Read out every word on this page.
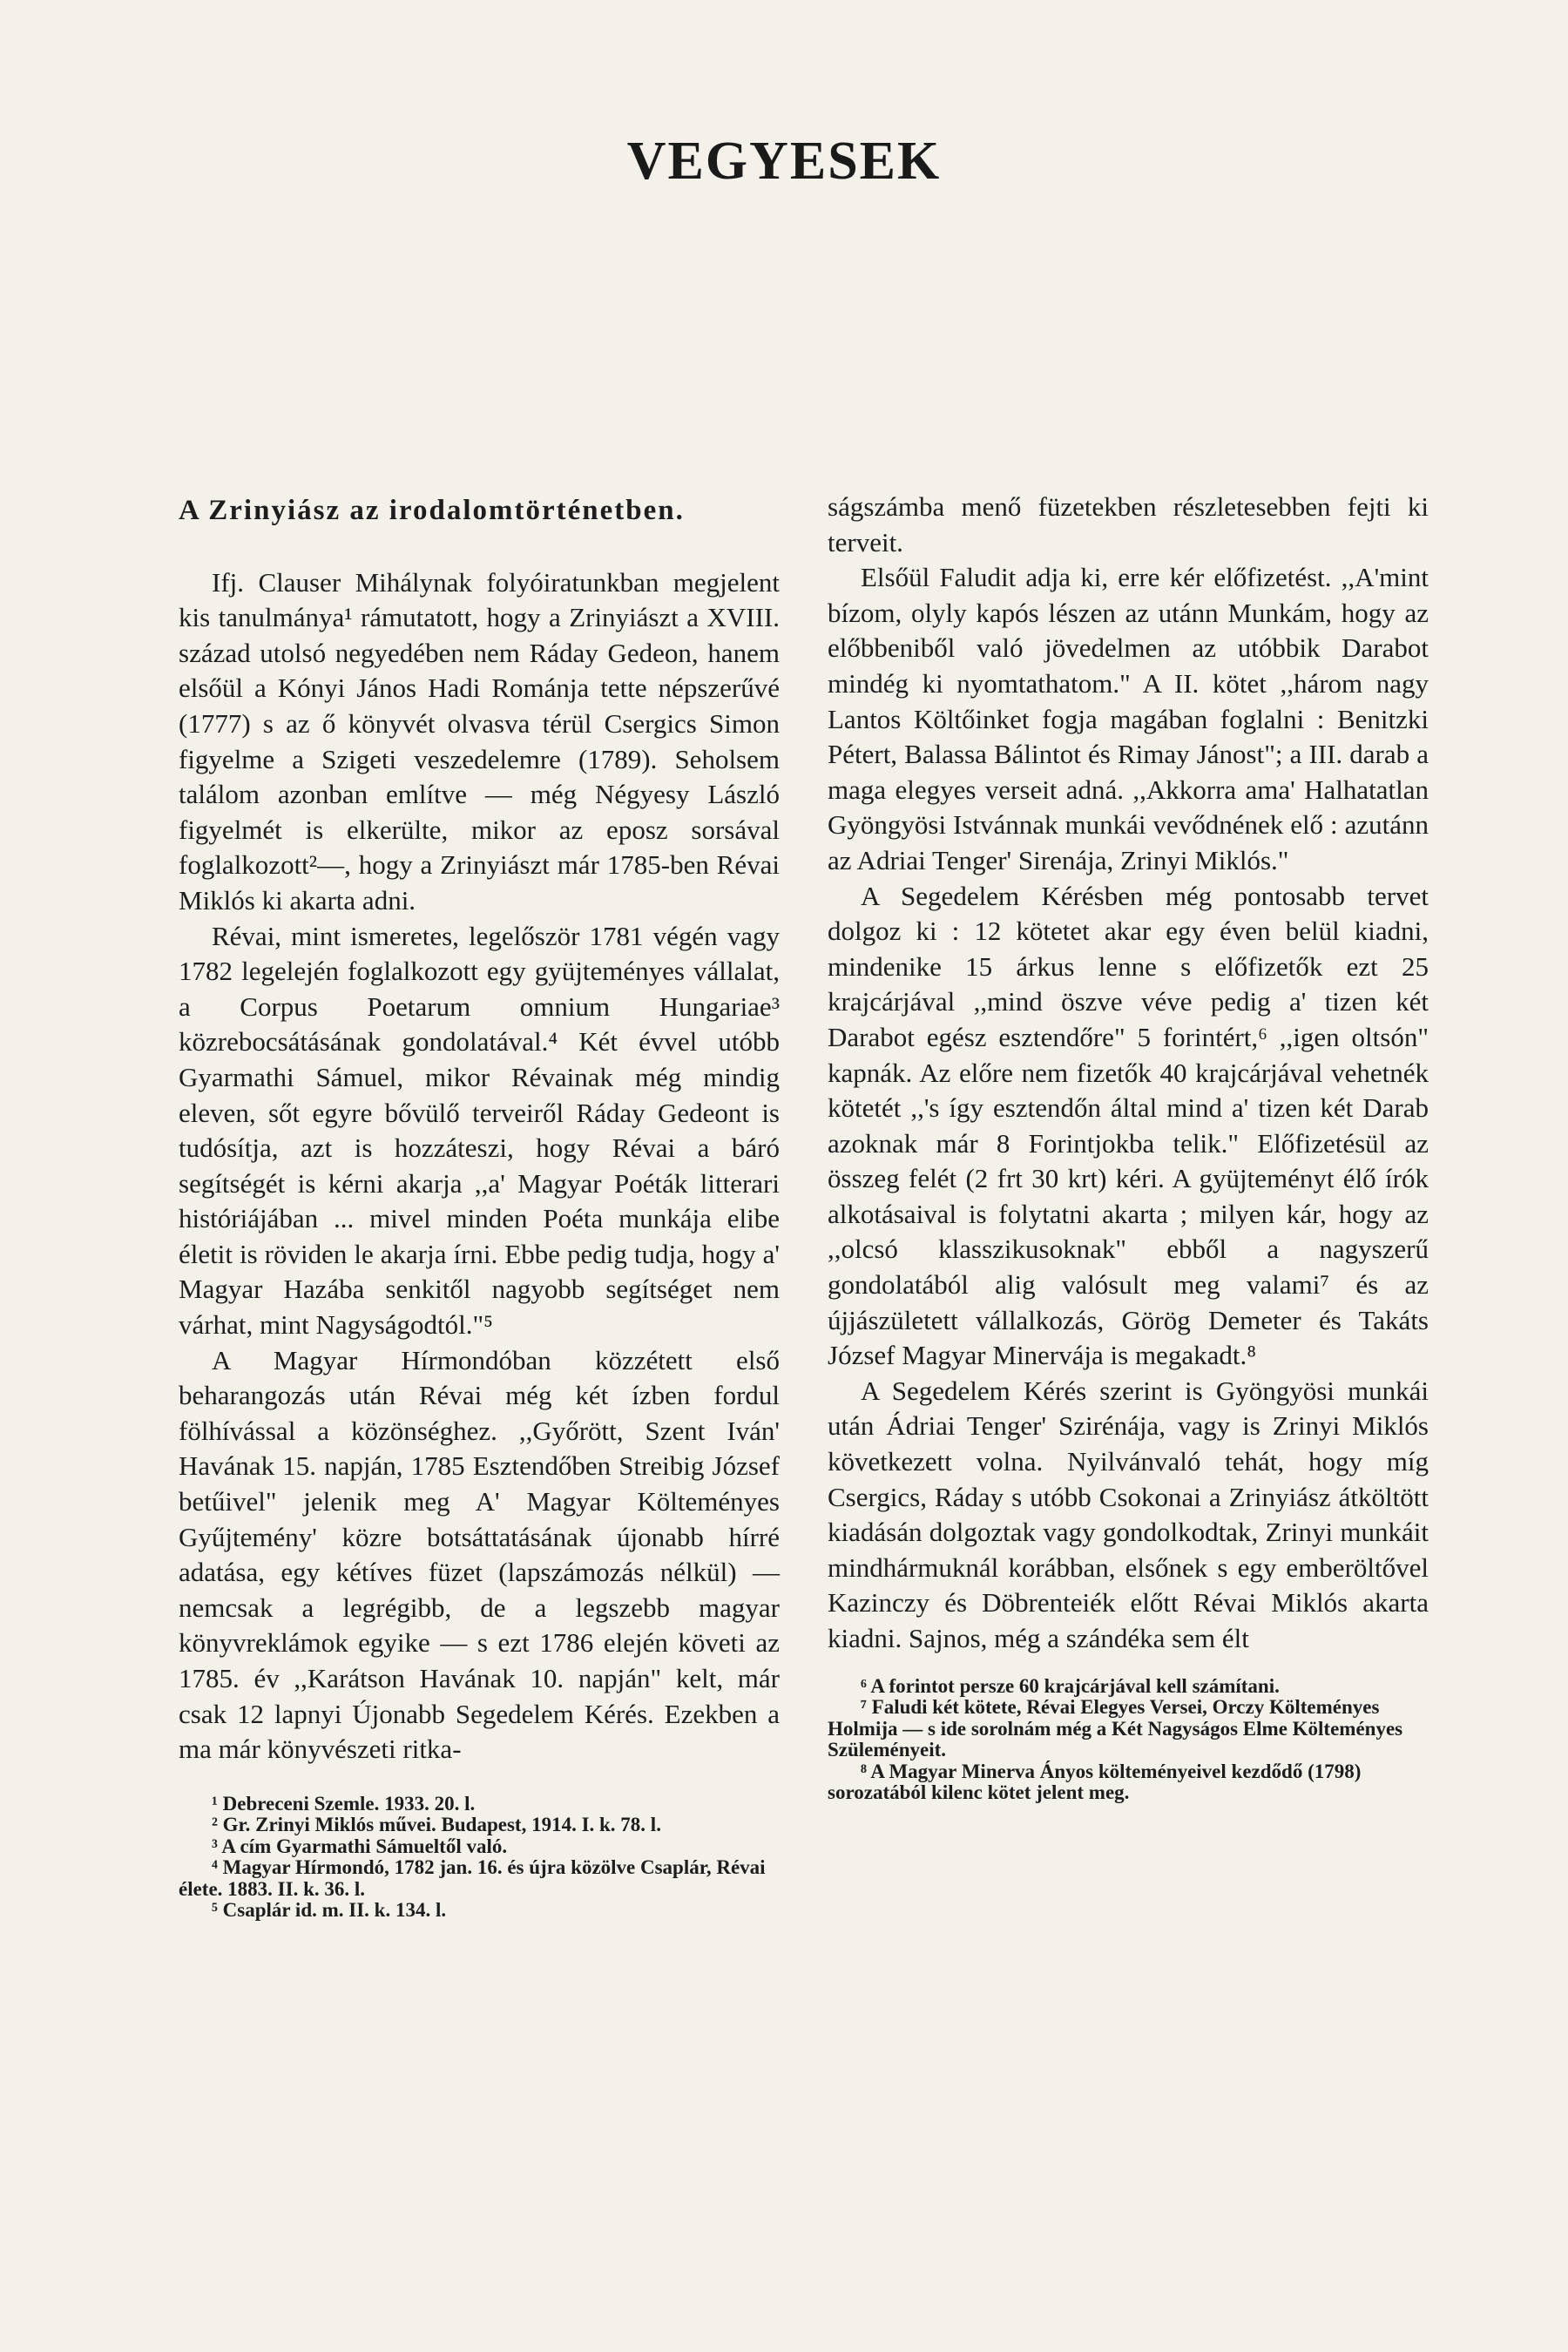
VEGYESEK
A Zrinyiász az irodalomtörténetben.

Ifj. Clauser Mihálynak folyóiratunkban megjelent kis tanulmánya¹ rámutatott, hogy a Zrinyiászt a XVIII. század utolsó negyedében nem Ráday Gedeon, hanem elsőül a Kónyi János Hadi Románja tette népszerűvé (1777) s az ő könyvét olvasva térül Csergics Simon figyelme a Szigeti veszedelemre (1789). Seholsem találom azonban említve — még Négyesy László figyelmét is elkerülte, mikor az eposz sorsával foglalkozott²—, hogy a Zrinyiászt már 1785-ben Révai Miklós ki akarta adni.

Révai, mint ismeretes, legelőször 1781 végén vagy 1782 legelején foglalkozott egy gyüjteményes vállalat, a Corpus Poetarum omnium Hungariae³ közrebocsátásának gondolatával.⁴ Két évvel utóbb Gyarmathi Sámuel, mikor Révainak még mindig eleven, sőt egyre bővülő terveiről Ráday Gedeont is tudósítja, azt is hozzáteszi, hogy Révai a báró segítségét is kérni akarja ,,a' Magyar Poéták litterari históriájában ... mivel minden Poéta munkája elibe életit is röviden le akarja írni. Ebbe pedig tudja, hogy a' Magyar Hazába senkitől nagyobb segítséget nem várhat, mint Nagyságodtól."⁵

A Magyar Hírmondóban közzétett első beharangozás után Révai még két ízben fordul fölhívással a közönséghez. ,,Győrött, Szent Iván' Havának 15. napján, 1785 Esztendőben Streibig József betűivel" jelenik meg A' Magyar Költeményes Gyűjtemény' közre botsáttatásának újonabb hírré adatása, egy kétíves füzet (lapszámozás nélkül) — nemcsak a legrégibb, de a legszebb magyar könyvreklámok egyike — s ezt 1786 elején követi az 1785. év ,,Karátson Havának 10. napján" kelt, már csak 12 lapnyi Újonabb Segedelem Kérés. Ezekben a ma már könyvészeti ritka-

¹ Debreceni Szemle. 1933. 20. l.

² Gr. Zrinyi Miklós művei. Budapest, 1914. I. k. 78. l.

³ A cím Gyarmathi Sámueltől való.

⁴ Magyar Hírmondó, 1782 jan. 16. és újra közölve Csaplár, Révai élete. 1883. II. k. 36. l.

⁵ Csaplár id. m. II. k. 134. l.

ságszámba menő füzetekben részletesebben fejti ki terveit.

Elsőül Faludit adja ki, erre kér előfizetést. ,,A'mint bízom, olyly kapós lészen az utánn Munkám, hogy az előbbeniből való jövedelmen az utóbbik Darabot mindég ki nyomtathatom." A II. kötet ,,három nagy Lantos Költőinket fogja magában foglalni : Benitzki Pétert, Balassa Bálintot és Rimay Jánost"; a III. darab a maga elegyes verseit adná. ,,Akkorra ama' Halhatatlan Gyöngyösi Istvánnak munkái vevődnének elő : azutánn az Adriai Tenger' Sirenája, Zrinyi Miklós."

A Segedelem Kérésben még pontosabb tervet dolgoz ki : 12 kötetet akar egy éven belül kiadni, mindenike 15 árkus lenne s előfizetők ezt 25 krajcárjával ,,mind öszve véve pedig a' tizen két Darabot egész esztendőre" 5 forintért,⁶ ,,igen oltsón" kapnák. Az előre nem fizetők 40 krajcárjával vehetnék kötetét ,,'s így esztendőn által mind a' tizen két Darab azoknak már 8 Forintjokba telik." Előfizetésül az összeg felét (2 frt 30 krt) kéri. A gyüjteményt élő írók alkotásaival is folytatni akarta ; milyen kár, hogy az ,,olcsó klasszikusoknak" ebből a nagyszerű gondolatából alig valósult meg valami⁷ és az újjászületett vállalkozás, Görög Demeter és Takáts József Magyar Minervája is megakadt.⁸

A Segedelem Kérés szerint is Gyöngyösi munkái után Ádriai Tenger' Szirénája, vagy is Zrinyi Miklós következett volna. Nyilvánvaló tehát, hogy míg Csergics, Ráday s utóbb Csokonai a Zrinyiász átköltött kiadásán dolgoztak vagy gondolkodtak, Zrinyi munkáit mindhármuknál korábban, elsőnek s egy emberöltővel Kazinczy és Döbrenteiék előtt Révai Miklós akarta kiadni. Sajnos, még a szándéka sem élt

⁶ A forintot persze 60 krajcárjával kell számítani.

⁷ Faludi két kötete, Révai Elegyes Versei, Orczy Költeményes Holmija — s ide sorolnám még a Két Nagyságos Elme Költeményes Szüleményeit.

⁸ A Magyar Minerva Ányos költeményeivel kezdődő (1798) sorozatából kilenc kötet jelent meg.
